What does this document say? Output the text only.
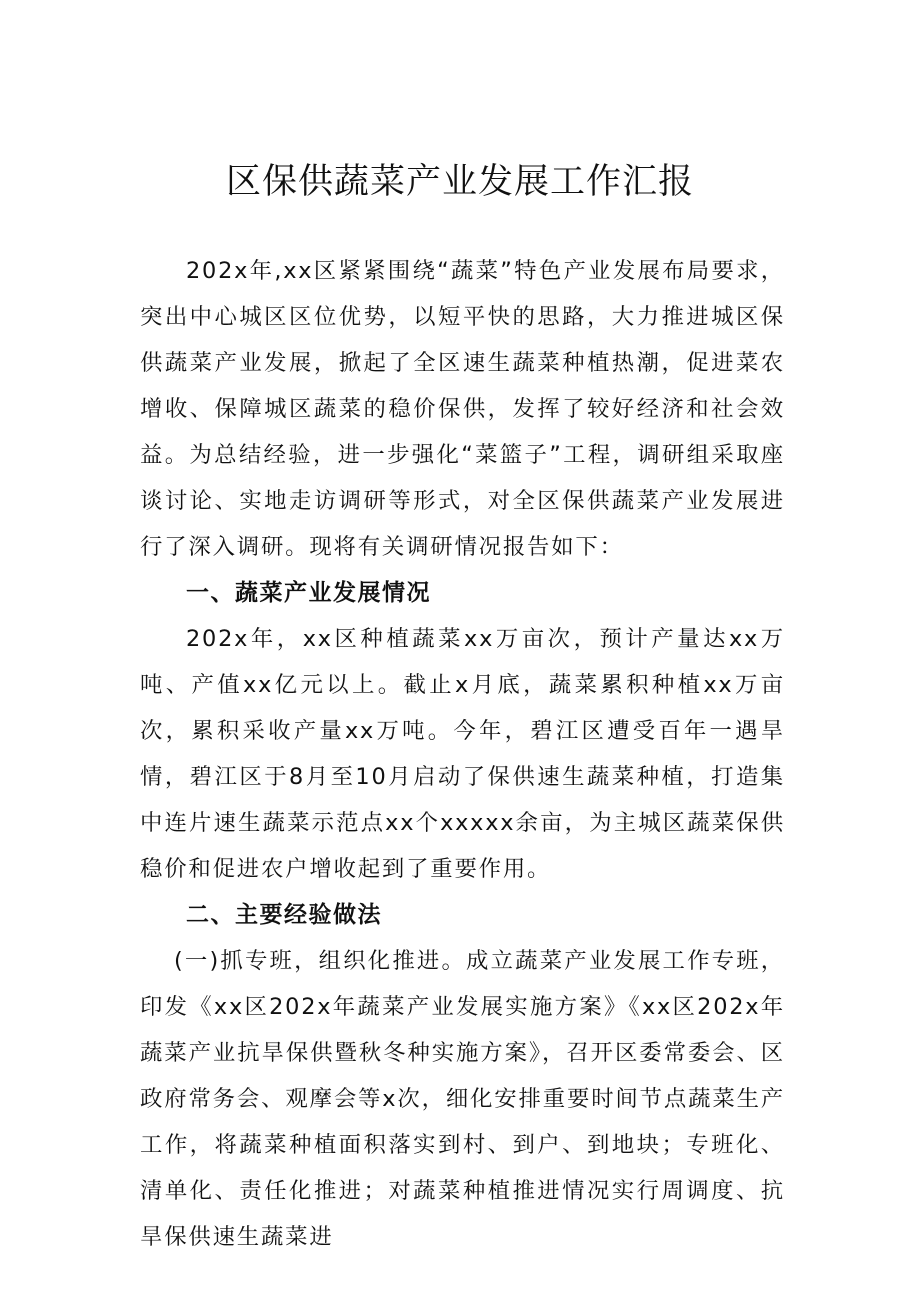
区保供蔬菜产业发展工作汇报

202x年,xx区紧紧围绕“蔬菜”特色产业发展布局要求，突出中心城区区位优势，以短平快的思路，大力推进城区保供蔬菜产业发展，掀起了全区速生蔬菜种植热潮，促进菜农增收、保障城区蔬菜的稳价保供，发挥了较好经济和社会效益。为总结经验，进一步强化“菜篮子”工程，调研组采取座谈讨论、实地走访调研等形式，对全区保供蔬菜产业发展进行了深入调研。现将有关调研情况报告如下：

一、蔬菜产业发展情况

202x年，xx区种植蔬菜xx万亩次，预计产量达xx万吨、产值xx亿元以上。截止x月底，蔬菜累积种植xx万亩次，累积采收产量xx万吨。今年，碧江区遭受百年一遇旱情，碧江区于8月至10月启动了保供速生蔬菜种植，打造集中连片速生蔬菜示范点xx个xxxxx余亩，为主城区蔬菜保供稳价和促进农户增收起到了重要作用。

二、主要经验做法

(一)抓专班，组织化推进。成立蔬菜产业发展工作专班，印发《xx区202x年蔬菜产业发展实施方案》《xx区202x年蔬菜产业抗旱保供暨秋冬种实施方案》，召开区委常委会、区政府常务会、观摩会等x次，细化安排重要时间节点蔬菜生产工作，将蔬菜种植面积落实到村、到户、到地块；专班化、清单化、责任化推进；对蔬菜种植推进情况实行周调度、抗旱保供速生蔬菜进
